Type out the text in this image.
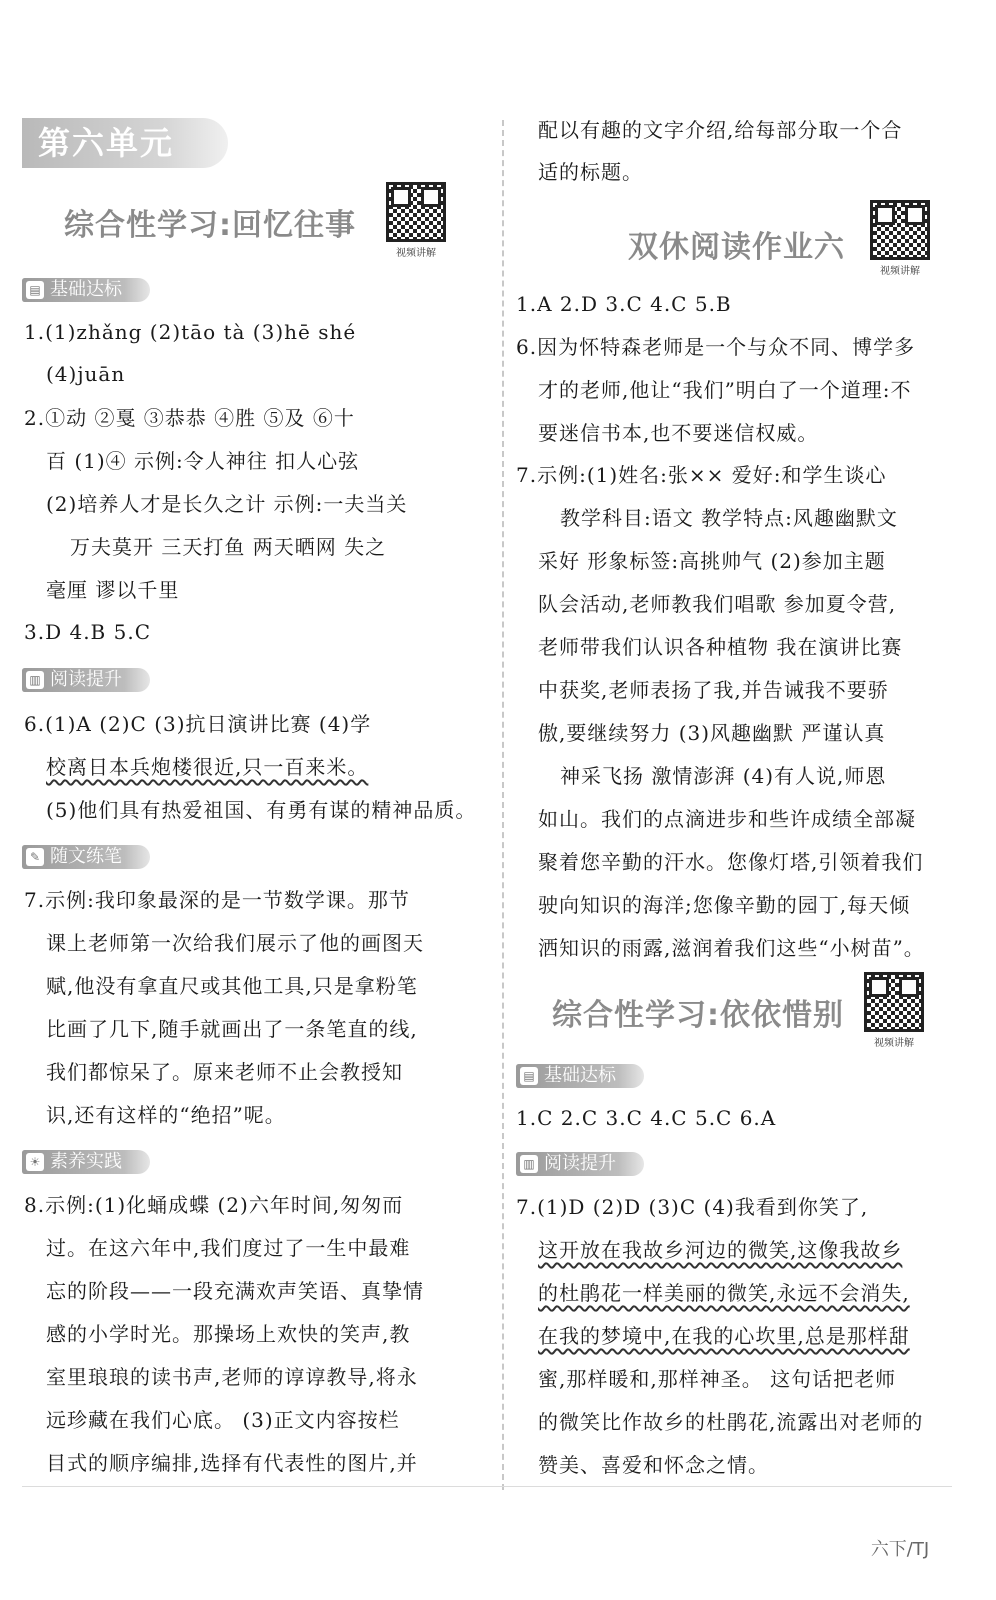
第六单元
综合性学习:回忆往事
视频讲解
▤ 基础达标
1.(1)zhǎng (2)tāo tà (3)hē shé
(4)juān
2.①动 ②戛 ③恭恭 ④胜 ⑤及 ⑥十
百 (1)④ 示例:令人神往 扣人心弦
(2)培养人才是长久之计 示例:一夫当关
万夫莫开 三天打鱼 两天晒网 失之
毫厘 谬以千里
3.D 4.B 5.C
▥ 阅读提升
6.(1)A (2)C (3)抗日演讲比赛 (4)学
校离日本兵炮楼很近,只一百来米。
(5)他们具有热爱祖国、有勇有谋的精神品质。
✎ 随文练笔
7.示例:我印象最深的是一节数学课。那节
课上老师第一次给我们展示了他的画图天
赋,他没有拿直尺或其他工具,只是拿粉笔
比画了几下,随手就画出了一条笔直的线,
我们都惊呆了。原来老师不止会教授知
识,还有这样的“绝招”呢。
☀ 素养实践
8.示例:(1)化蛹成蝶 (2)六年时间,匆匆而
过。在这六年中,我们度过了一生中最难
忘的阶段——一段充满欢声笑语、真挚情
感的小学时光。那操场上欢快的笑声,教
室里琅琅的读书声,老师的谆谆教导,将永
远珍藏在我们心底。 (3)正文内容按栏
目式的顺序编排,选择有代表性的图片,并
配以有趣的文字介绍,给每部分取一个合
适的标题。
双休阅读作业六
视频讲解
1.A 2.D 3.C 4.C 5.B
6.因为怀特森老师是一个与众不同、博学多
才的老师,他让“我们”明白了一个道理:不
要迷信书本,也不要迷信权威。
7.示例:(1)姓名:张×× 爱好:和学生谈心
教学科目:语文 教学特点:风趣幽默文
采好 形象标签:高挑帅气 (2)参加主题
队会活动,老师教我们唱歌 参加夏令营,
老师带我们认识各种植物 我在演讲比赛
中获奖,老师表扬了我,并告诫我不要骄
傲,要继续努力 (3)风趣幽默 严谨认真
神采飞扬 激情澎湃 (4)有人说,师恩
如山。我们的点滴进步和些许成绩全部凝
聚着您辛勤的汗水。您像灯塔,引领着我们
驶向知识的海洋;您像辛勤的园丁,每天倾
洒知识的雨露,滋润着我们这些“小树苗”。
综合性学习:依依惜别
视频讲解
▤ 基础达标
1.C 2.C 3.C 4.C 5.C 6.A
▥ 阅读提升
7.(1)D (2)D (3)C (4)我看到你笑了,
这开放在我故乡河边的微笑,这像我故乡
的杜鹃花一样美丽的微笑,永远不会消失,
在我的梦境中,在我的心坎里,总是那样甜
蜜,那样暖和,那样神圣。 这句话把老师
的微笑比作故乡的杜鹃花,流露出对老师的
赞美、喜爱和怀念之情。
六下/TJ
